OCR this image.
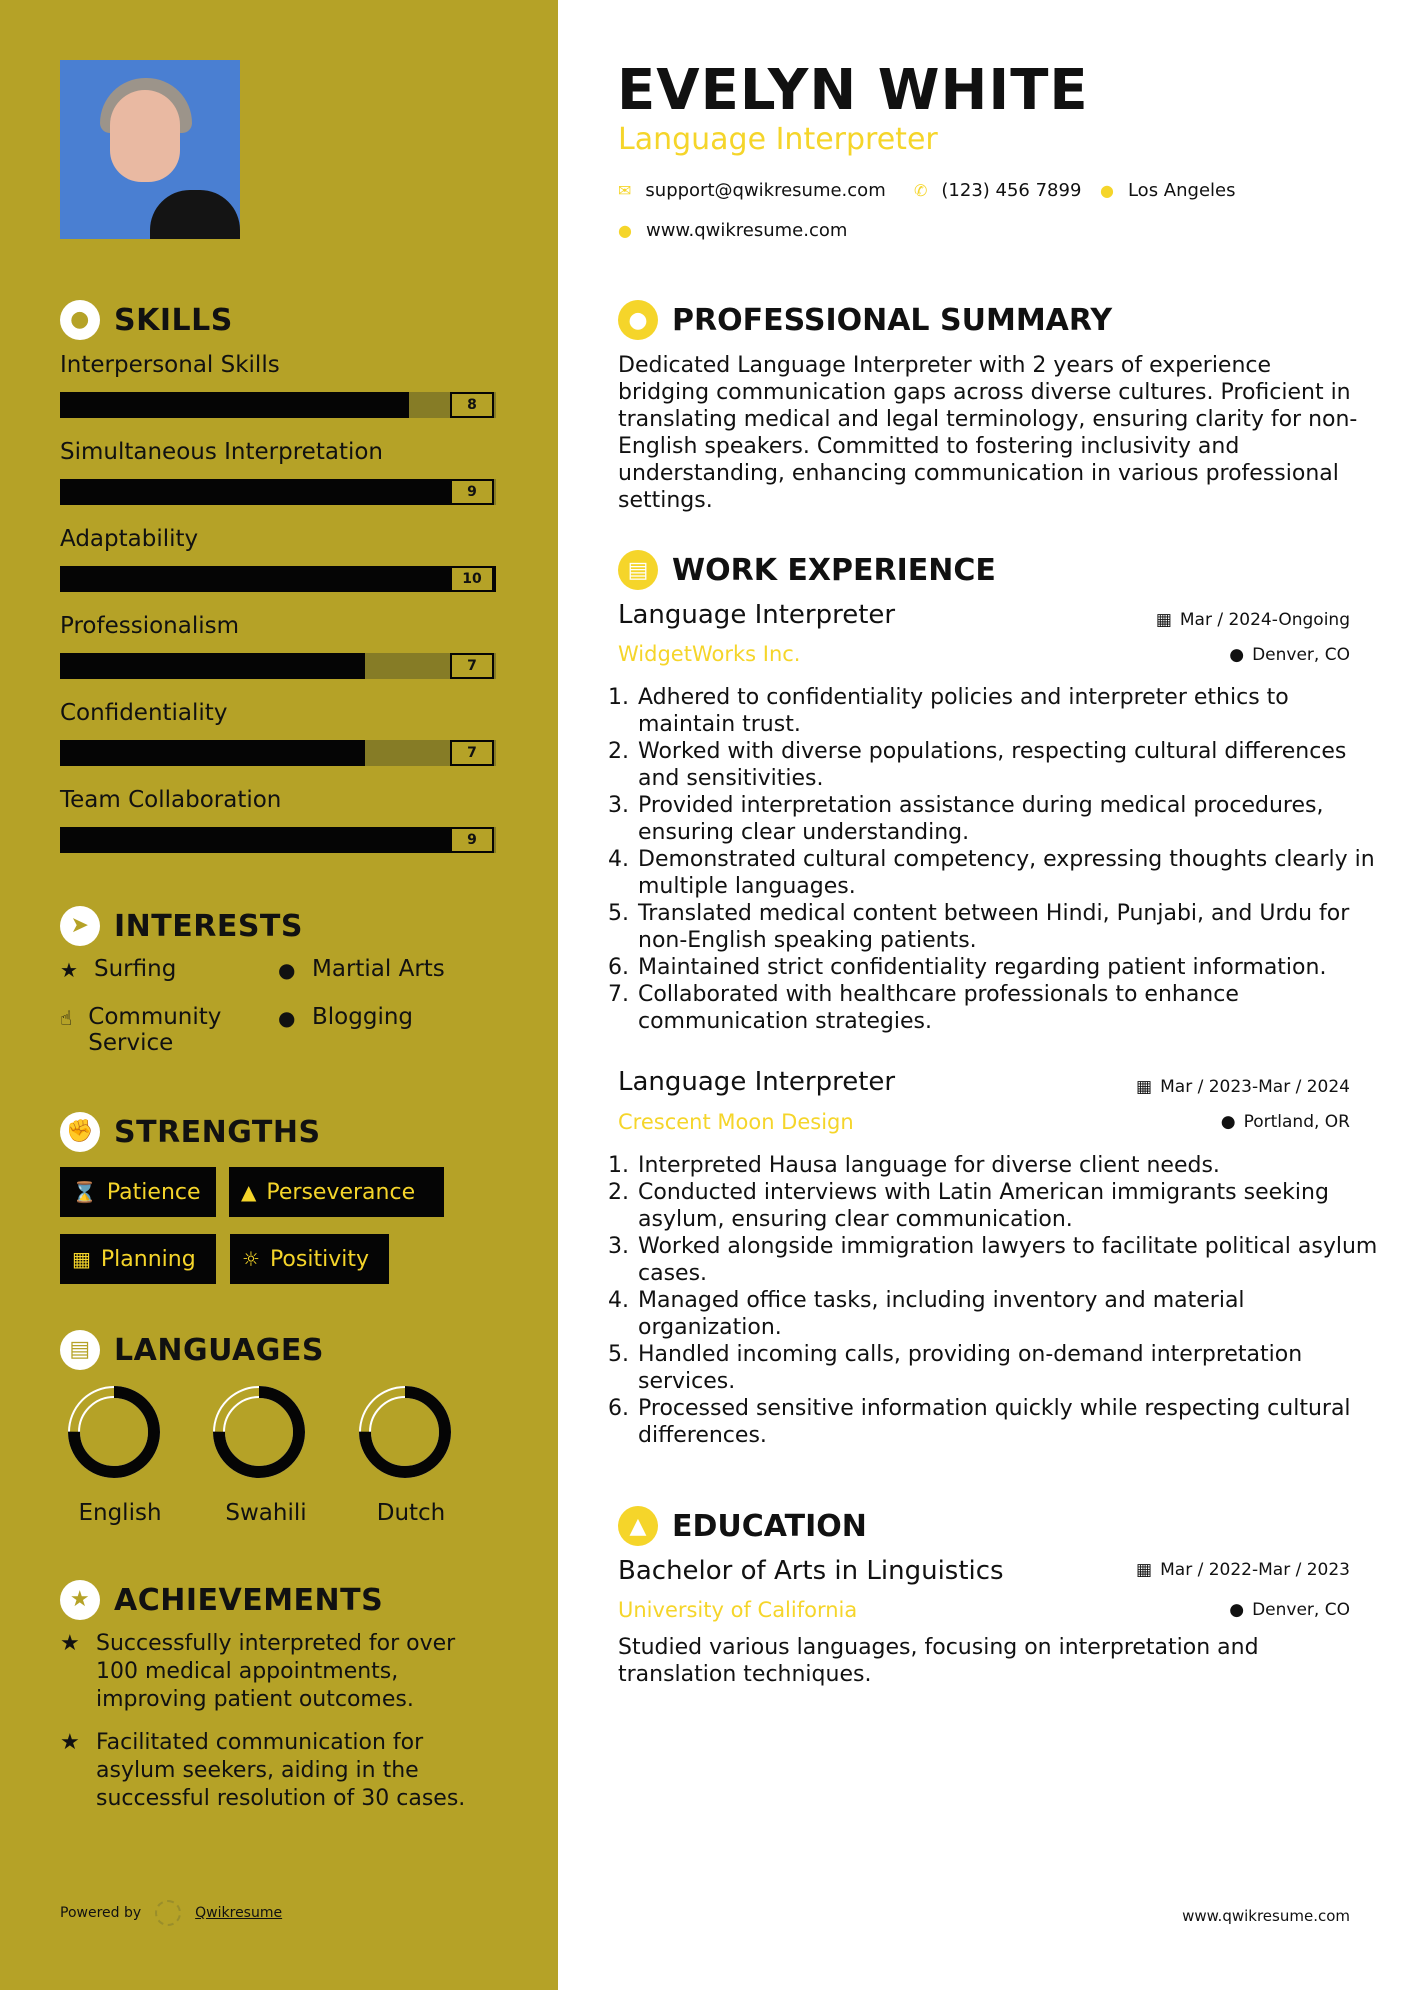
● SKILLS
Interpersonal Skills
8
Simultaneous Interpretation
9
Adaptability
10
Professionalism
7
Confidentiality
7
Team Collaboration
9
➤ INTERESTS
★ Surfing	● Martial Arts
☝ Community Service
● Blogging
✊ STRENGTHS
⌛ Patience ▲ Perseverance
▦ Planning ☼ Positivity
▤ LANGUAGES
English	Swahili	Dutch
★ ACHIEVEMENTS
★ Successfully interpreted for over 100 medical appointments, improving patient outcomes.
★ Facilitated communication for asylum seekers, aiding in the successful resolution of 30 cases.
Powered by	Qwikresume
EVELYN WHITE
Language Interpreter
✉ support@qwikresume.com ✆ (123) 456 7899 ● Los Angeles
● www.qwikresume.com
● PROFESSIONAL SUMMARY
Dedicated Language Interpreter with 2 years of experience bridging communication gaps across diverse cultures. Proficient in translating medical and legal terminology, ensuring clarity for non-English speakers. Committed to fostering inclusivity and understanding, enhancing communication in various professional settings.
▤ WORK EXPERIENCE
Language Interpreter	▦ Mar / 2024-Ongoing
WidgetWorks Inc.	● Denver, CO
1. Adhered to confidentiality policies and interpreter ethics to maintain trust.
2. Worked with diverse populations, respecting cultural differences and sensitivities.
3. Provided interpretation assistance during medical procedures, ensuring clear understanding.
4. Demonstrated cultural competency, expressing thoughts clearly in multiple languages.
5. Translated medical content between Hindi, Punjabi, and Urdu for non-English speaking patients.
6. Maintained strict confidentiality regarding patient information.
7. Collaborated with healthcare professionals to enhance communication strategies.
Language Interpreter	▦ Mar / 2023-Mar / 2024
Crescent Moon Design	● Portland, OR
1. Interpreted Hausa language for diverse client needs.
2. Conducted interviews with Latin American immigrants seeking asylum, ensuring clear communication.
3. Worked alongside immigration lawyers to facilitate political asylum cases.
4. Managed office tasks, including inventory and material organization.
5. Handled incoming calls, providing on-demand interpretation services.
6. Processed sensitive information quickly while respecting cultural differences.
▲ EDUCATION
Bachelor of Arts in Linguistics	▦ Mar / 2022-Mar / 2023
University of California	● Denver, CO
Studied various languages, focusing on interpretation and translation techniques.
www.qwikresume.com
